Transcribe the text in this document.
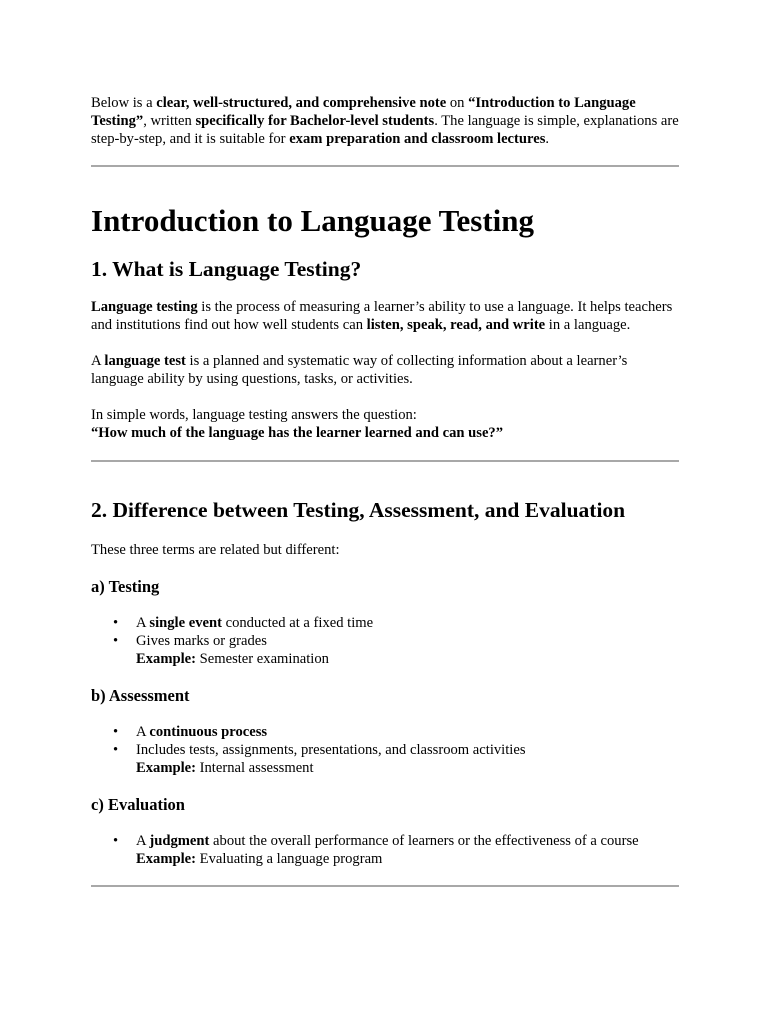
Below is a clear, well-structured, and comprehensive note on “Introduction to Language Testing”, written specifically for Bachelor-level students. The language is simple, explanations are step-by-step, and it is suitable for exam preparation and classroom lectures.

Introduction to Language Testing
1. What is Language Testing?

Language testing is the process of measuring a learner’s ability to use a language. It helps teachers and institutions find out how well students can listen, speak, read, and write in a language.

A language test is a planned and systematic way of collecting information about a learner’s language ability by using questions, tasks, or activities.

In simple words, language testing answers the question:
“How much of the language has the learner learned and can use?”

2. Difference between Testing, Assessment, and Evaluation

These three terms are related but different:

a) Testing
• A single event conducted at a fixed time
• Gives marks or grades
Example: Semester examination
b) Assessment
• A continuous process
• Includes tests, assignments, presentations, and classroom activities
Example: Internal assessment
c) Evaluation
• A judgment about the overall performance of learners or the effectiveness of a course
Example: Evaluating a language program
